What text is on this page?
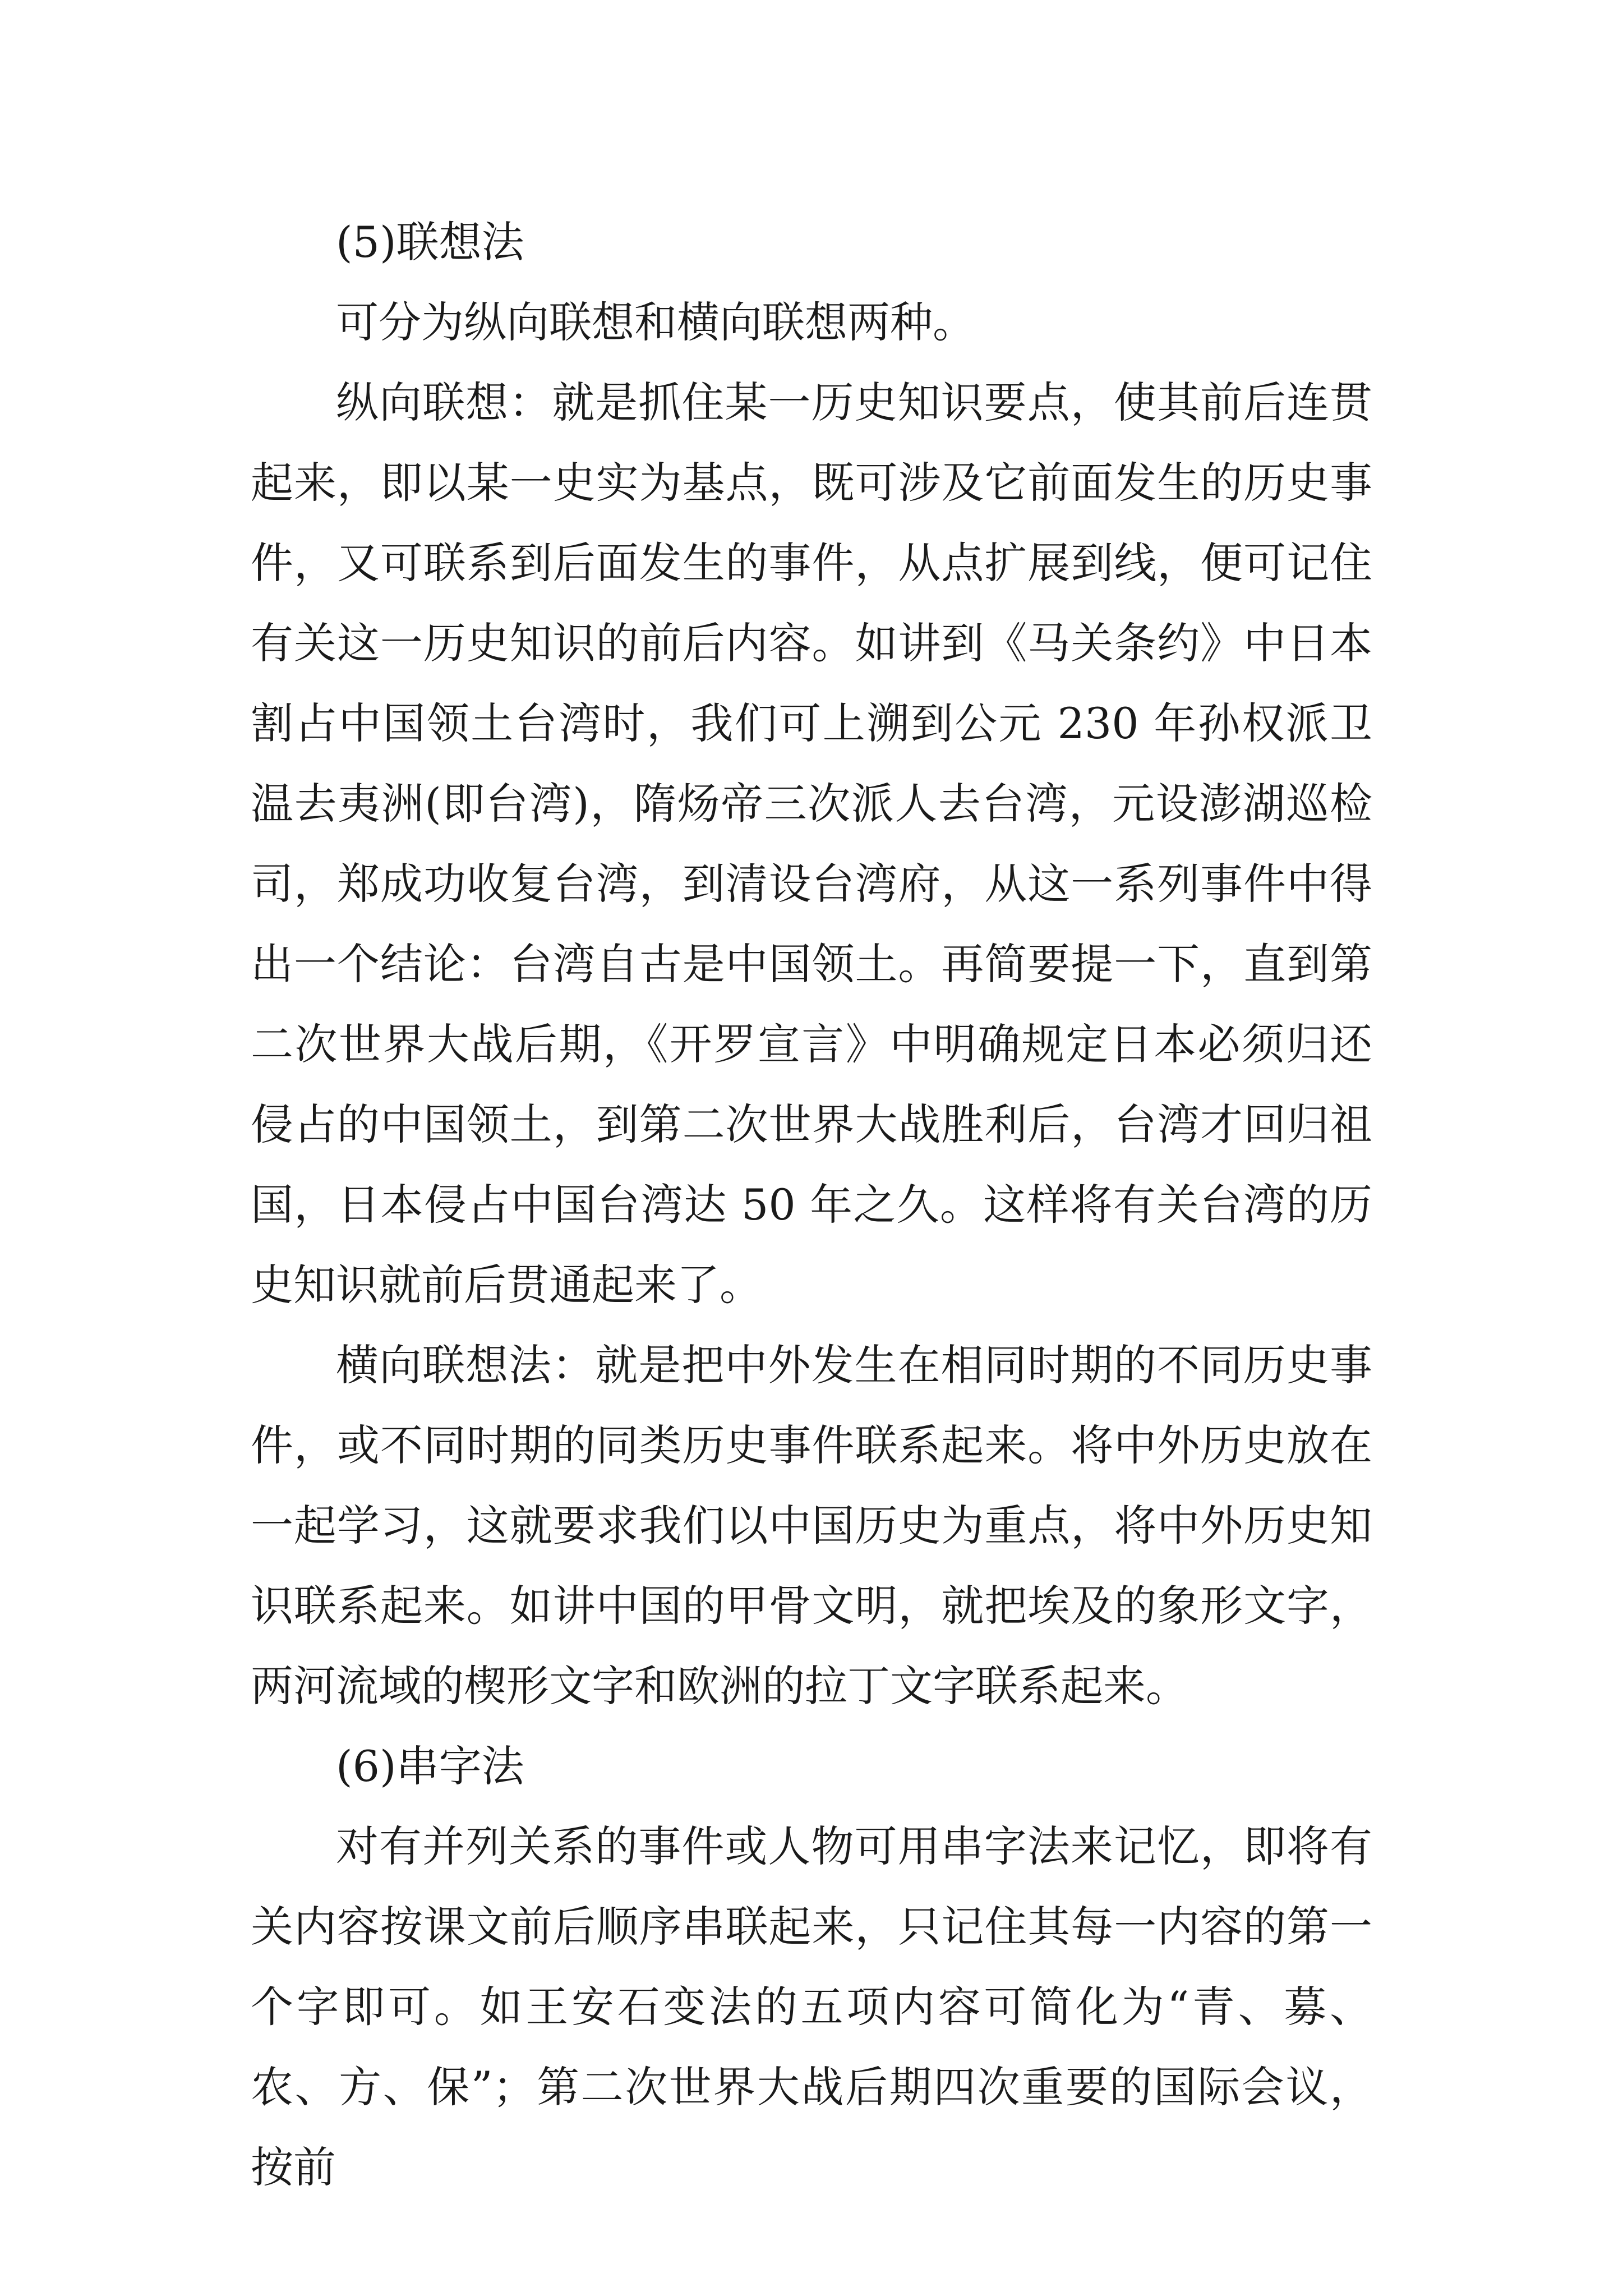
(5)联想法

可分为纵向联想和横向联想两种。

纵向联想：就是抓住某一历史知识要点，使其前后连贯起来，即以某一史实为基点，既可涉及它前面发生的历史事件，又可联系到后面发生的事件，从点扩展到线，便可记住有关这一历史知识的前后内容。如讲到《马关条约》中日本割占中国领土台湾时，我们可上溯到公元 230 年孙权派卫温去夷洲(即台湾)，隋炀帝三次派人去台湾，元设澎湖巡检司，郑成功收复台湾，到清设台湾府，从这一系列事件中得出一个结论：台湾自古是中国领土。再简要提一下，直到第二次世界大战后期，《开罗宣言》中明确规定日本必须归还侵占的中国领土，到第二次世界大战胜利后，台湾才回归祖国，日本侵占中国台湾达 50 年之久。这样将有关台湾的历史知识就前后贯通起来了。

横向联想法：就是把中外发生在相同时期的不同历史事件，或不同时期的同类历史事件联系起来。将中外历史放在一起学习，这就要求我们以中国历史为重点，将中外历史知识联系起来。如讲中国的甲骨文明，就把埃及的象形文字，两河流域的楔形文字和欧洲的拉丁文字联系起来。

(6)串字法

对有并列关系的事件或人物可用串字法来记忆，即将有关内容按课文前后顺序串联起来，只记住其每一内容的第一个字即可。如王安石变法的五项内容可简化为“青、募、农、方、保”；第二次世界大战后期四次重要的国际会议，按前
